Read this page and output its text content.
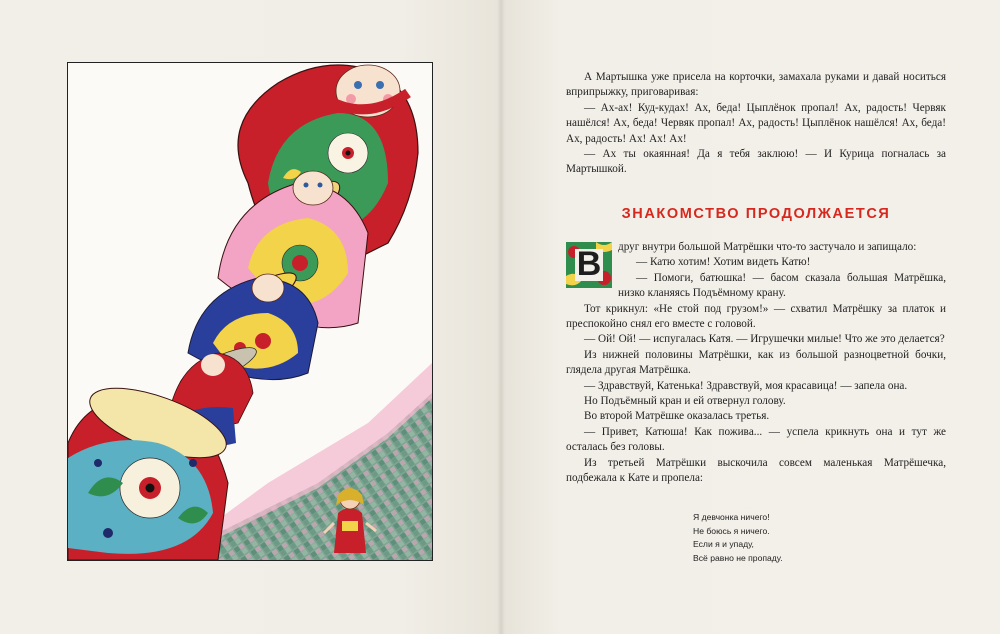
А Мартышка уже присела на корточки, замахала руками и давай носиться вприпрыжку, приговаривая:

— Ах-ах! Куд-кудах! Ах, беда! Цыплёнок пропал! Ах, радость! Червяк нашёлся! Ах, беда! Червяк пропал! Ах, радость! Цыплёнок нашёлся! Ах, беда! Ах, радость! Ах! Ах! Ах!

— Ах ты окаянная! Да я тебя заклюю! — И Курица погналась за Мартышкой.

ЗНАКОМСТВО ПРОДОЛЖАЕТСЯ
В	друг внутри большой Матрёшки что-то застучало и запищало:

— Катю хотим! Хотим видеть Катю!

— Помоги, батюшка! — басом сказала большая Матрёшка, низко кланяясь Подъёмному крану.

Тот крикнул: «Не стой под грузом!» — схватил Матрёшку за платок и преспокойно снял его вместе с головой.

— Ой! Ой! — испугалась Катя. — Игрушечки милые! Что же это делается?

Из нижней половины Матрёшки, как из большой разноцветной бочки, глядела другая Матрёшка.

— Здравствуй, Катенька! Здравствуй, моя красавица! — запела она.

Но Подъёмный кран и ей отвернул голову.

Во второй Матрёшке оказалась третья.

— Привет, Катюша! Как поживa... — успела крикнуть она и тут же осталась без головы.

Из третьей Матрёшки выскочила совсем маленькая Матрёшечка, подбежала к Кате и пропела:

Я девчонка ничего!
Не боюсь я ничего.
Если я и упаду,
Всё равно не пропаду.
